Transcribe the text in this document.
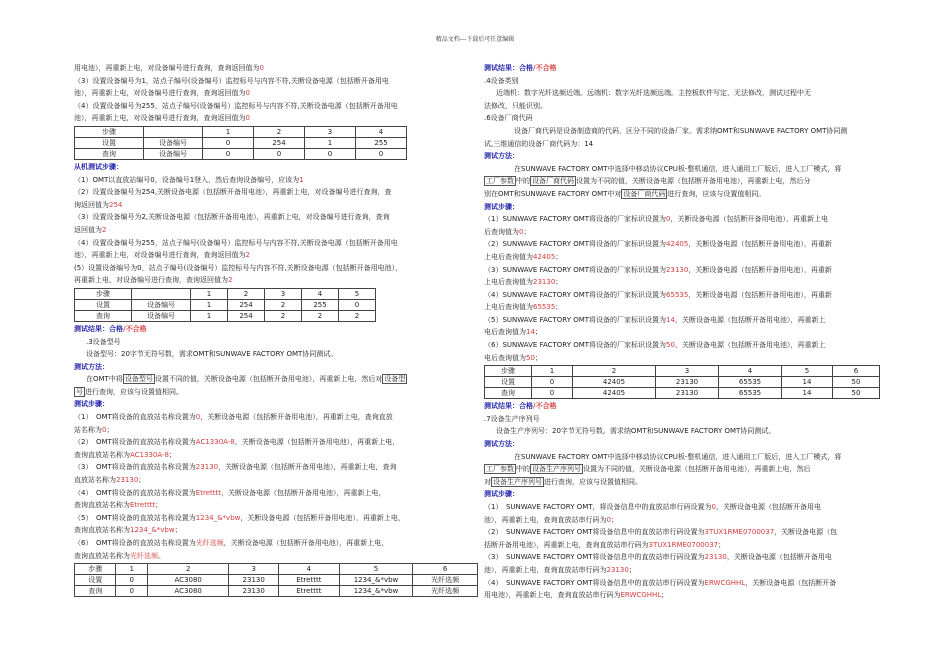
精品文档---下载后可任意编辑
用电池），再重新上电，对设备编号进行查询，查询返回值为0
（3）设置设备编号为1，站点子编号(设备编号）监控标号与内容不符,关断设备电源（包括断开备用电
池），再重新上电，对设备编号进行查询，查询返回值为0
（4）设置设备编号为255，站点子编号(设备编号）监控标号与内容不符,关断设备电源（包括断开备用电
池），再重新上电，对设备编号进行查询，查询返回值为0
步骤		1	2	3	4
设置	设备编号	0	254	1	255
查询	设备编号	0	0	0	0
从机测试步骤：
（1）OMT以直放站编号0，设备编号1登入，然后查询设备编号，应该为1
（2）设置设备编号为254,关断设备电源（包括断开备用电池），再重新上电，对设备编号进行查询，查
询返回值为254
（3）设置设备编号为2,关断设备电源（包括断开备用电池），再重新上电，对设备编号进行查询，查询
返回值为2
（4）设置设备编号为255，站点子编号(设备编号）监控标号与内容不符,关断设备电源（包括断开备用电
池），再重新上电，对设备编号进行查询，查询返回值为2
(5）设置设备编号为0，站点子编号(设备编号）监控标号与内容不符,关断设备电源（包括断开备用电池），
再重新上电，对设备编号进行查询，查询返回值为2
步骤		1	2	3	4	5
设置	设备编号	1	254	2	255	0
查询	设备编号	1	254	2	2	2
测试结果：合格/不合格
.3设备型号
设备型号：20字节无符号数，需求OMT和SUNWAVE FACTORY OMT协同测试。
测试方法：
在OMT中将 设备型号 设置不同的值，关断设备电源（包括断开备用电池），再重新上电，然后对 设备型
号 进行查询，应该与设置值相同。
测试步骤：
（1）　OMT将设备的直放站名称设置为0，关断设备电源（包括断开备用电池），再重新上电，查询直放
站名称为0；
（2）　OMT将设备的直放站名称设置为AC1330A-8，关断设备电源（包括断开备用电池），再重新上电，
查询直放站名称为AC1330A-8；
（3）　OMT将设备的直放站名称设置为23130，关断设备电源（包括断开备用电池），再重新上电，查询
直放站名称为23130；
（4）　OMT将设备的直放站名称设置为Etretttt，关断设备电源（包括断开备用电池），再重新上电，
查询直放站名称为Etretttt；
（5）　OMT将设备的直放站名称设置为1234_&*vbw，关断设备电源（包括断开备用电池），再重新上电，
查询直放站名称为1234_&*vbw；
（6）　OMT将设备的直放站名称设置为光纤选频，关断设备电源（包括断开备用电池），再重新上电，
查询直放站名称为光纤选频。
步骤	1	2	3	4	5	6
设置	0	AC3080	23130	Etretttt	1234_&*vbw	光纤选频
查询	0	AC3080	23130	Etretttt	1234_&*vbw	光纤选频
测试结果：合格/不合格
.4设备类别
近端机：数字光纤选频近端。远端机：数字光纤选频远端。主控板软件写定，无法修改，测试过程中无
法修改，只能识别。
.6设备厂商代码
设备厂商代码是设备制造商的代码，区分不同的设备厂家。需求纳OMT和SUNWAVE FACTORY OMT协同测
试,三维通信的设备厂商代码为：14
测试方法：
在SUNWAVE FACTORY OMT中选择中移动协议CPU板-整机通信，进入通用工厂版后，进入工厂模式，将
工厂参数 中的 设备厂商代码 设置为不同的值，关断设备电源（包括断开备用电池），再重新上电，然后分
别在OMT和SUNWAVE FACTORY OMT中对 设备厂商代码 进行查询，应该与设置值相同。
测试步骤：
（1）SUNWAVE FACTORY OMT将设备的厂家标识设置为0，关断设备电源（包括断开备用电池），再重新上电
后查询值为0；
（2）SUNWAVE FACTORY OMT将设备的厂家标识设置为42405，关断设备电源（包括断开备用电池），再重新
上电后查询值为42405；
（3）SUNWAVE FACTORY OMT将设备的厂家标识设置为23130，关断设备电源（包括断开备用电池），再重新
上电后查询值为23130；
（4）SUNWAVE FACTORY OMT将设备的厂家标识设置为65535，关断设备电源（包括断开备用电池），再重新
上电后查询值为65535；
（5）SUNWAVE FACTORY OMT将设备的厂家标识设置为14，关断设备电源（包括断开备用电池），再重新上
电后查询值为14；
（6）SUNWAVE FACTORY OMT将设备的厂家标识设置为50，关断设备电源（包括断开备用电池），再重新上
电后查询值为50；
步骤	1	2	3	4	5	6
设置	0	42405	23130	65535	14	50
查询	0	42405	23130	65535	14	50
测试结果：合格/不合格
.7设备生产序列号
设备生产序列号：20字节无符号数。需求纳OMT和SUNWAVE FACTORY OMT协同测试。
测试方法：
在SUNWAVE FACTORY OMT中选择中移动协议CPU板-整机通信，进入通用工厂版后，进入工厂模式，将
工厂参数 中的 设备生产序列号 设置为不同的值，关断设备电源（包括断开备用电池），再重新上电，然后
对 设备生产序列号 进行查询，应该与设置值相同。
测试步骤：
（1）　SUNWAVE FACTORY OMT，将设备信息中的直放站串行码设置为0，关断设备电源（包括断开备用电
池），再重新上电，查询直放站串行码为0；
（2）　SUNWAVE FACTORY OMT将设备信息中的直放站串行码设置为3TUX1RME0700037，关断设备电源（包
括断开备用电池），再重新上电，查询直放站串行码为3TUX1RME0700037；
（3）　SUNWAVE FACTORY OMT将设备信息中的直放站串行码设置为23130，关断设备电源（包括断开备用电
池），再重新上电，查询直放站串行码为23130；
（4）　SUNWAVE FACTORY OMT将设备信息中的直放站串行码设置为ERWCGHHL，关断设备电源（包括断开备
用电池），再重新上电，查询直放站串行码为ERWCGHHL；
